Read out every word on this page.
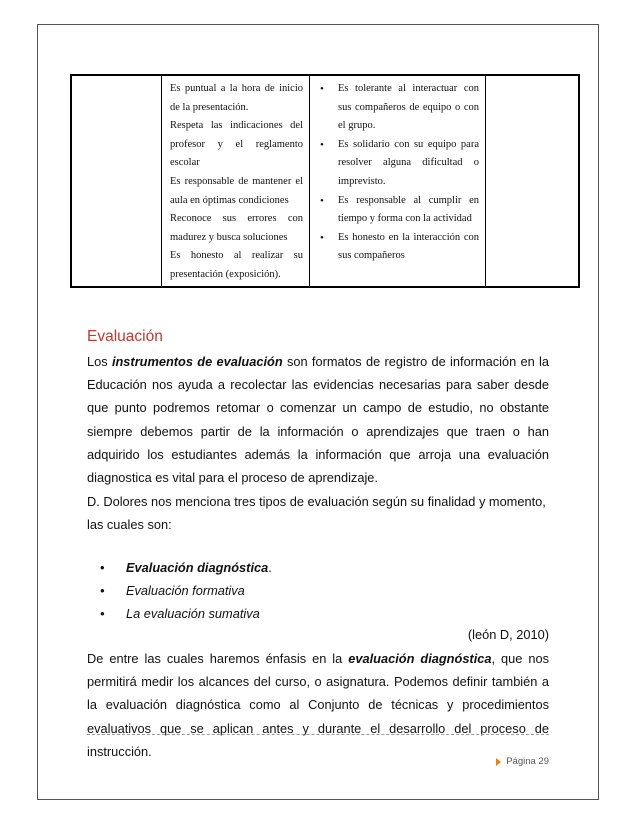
Es puntual a la hora de inicio de la presentación.

Respeta las indicaciones del profesor y el reglamento escolar

Es responsable de mantener el aula en óptimas condiciones

Reconoce sus errores con madurez y busca soluciones

Es honesto al realizar su presentación (exposición).

• Es tolerante al interactuar con sus compañeros de equipo o con el grupo.
• Es solidario con su equipo para resolver alguna dificultad o imprevisto.
• Es responsable al cumplir en tiempo y forma con la actividad
• Es honesto en la interacción con sus compañeros
Evaluación

Los instrumentos de evaluación son formatos de registro de información en la Educación nos ayuda a recolectar las evidencias necesarias para saber desde que punto podremos retomar o comenzar un campo de estudio, no obstante siempre debemos partir de la información o aprendizajes que traen o han adquirido los estudiantes además la información que arroja una evaluación diagnostica es vital para el proceso de aprendizaje.

D. Dolores nos menciona tres tipos de evaluación según su finalidad y momento,
las cuales son:

• Evaluación diagnóstica.
• Evaluación formativa
• La evaluación sumativa

(león D, 2010)

De entre las cuales haremos énfasis en la evaluación diagnóstica, que nos permitirá medir los alcances del curso, o asignatura. Podemos definir también a la evaluación diagnóstica como al Conjunto de técnicas y procedimientos evaluativos que se aplican antes y durante el desarrollo del proceso de instrucción.

Página 29
